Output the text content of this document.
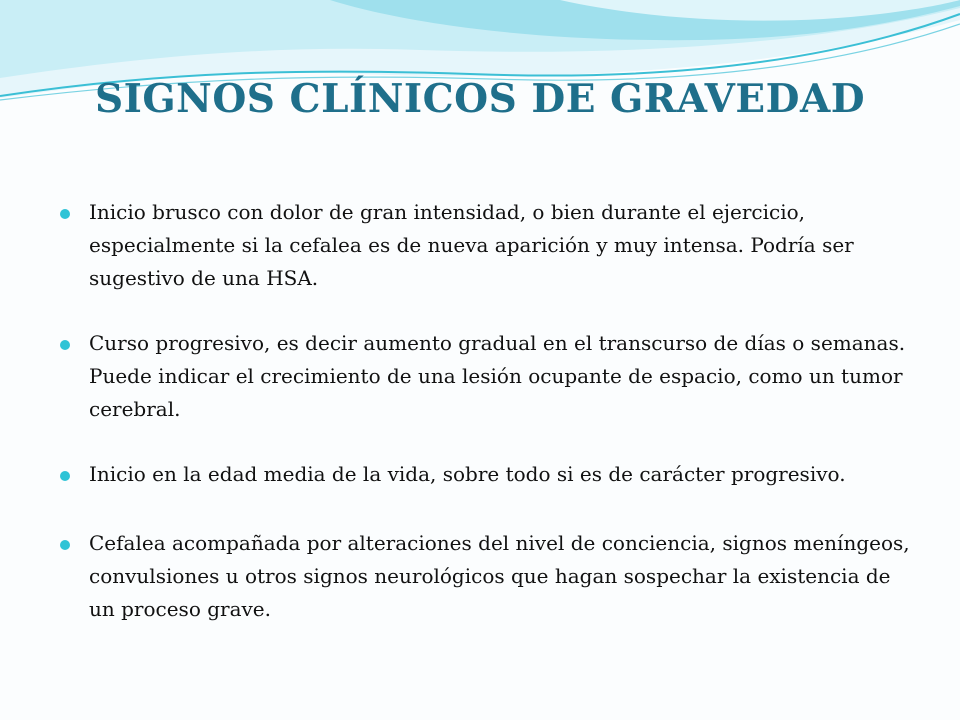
SIGNOS CLÍNICOS DE GRAVEDAD
Inicio brusco con dolor de gran intensidad, o bien durante el ejercicio, especialmente si la cefalea es de nueva aparición y muy intensa. Podría ser sugestivo de una HSA.
Curso progresivo, es decir aumento gradual en el transcurso de días o semanas. Puede indicar el crecimiento de una lesión ocupante de espacio, como un tumor cerebral.
Inicio en la edad media de la vida, sobre todo si es de carácter progresivo.
Cefalea acompañada por alteraciones del nivel de conciencia, signos meníngeos, convulsiones u otros signos neurológicos que hagan sospechar la existencia de un proceso grave.
